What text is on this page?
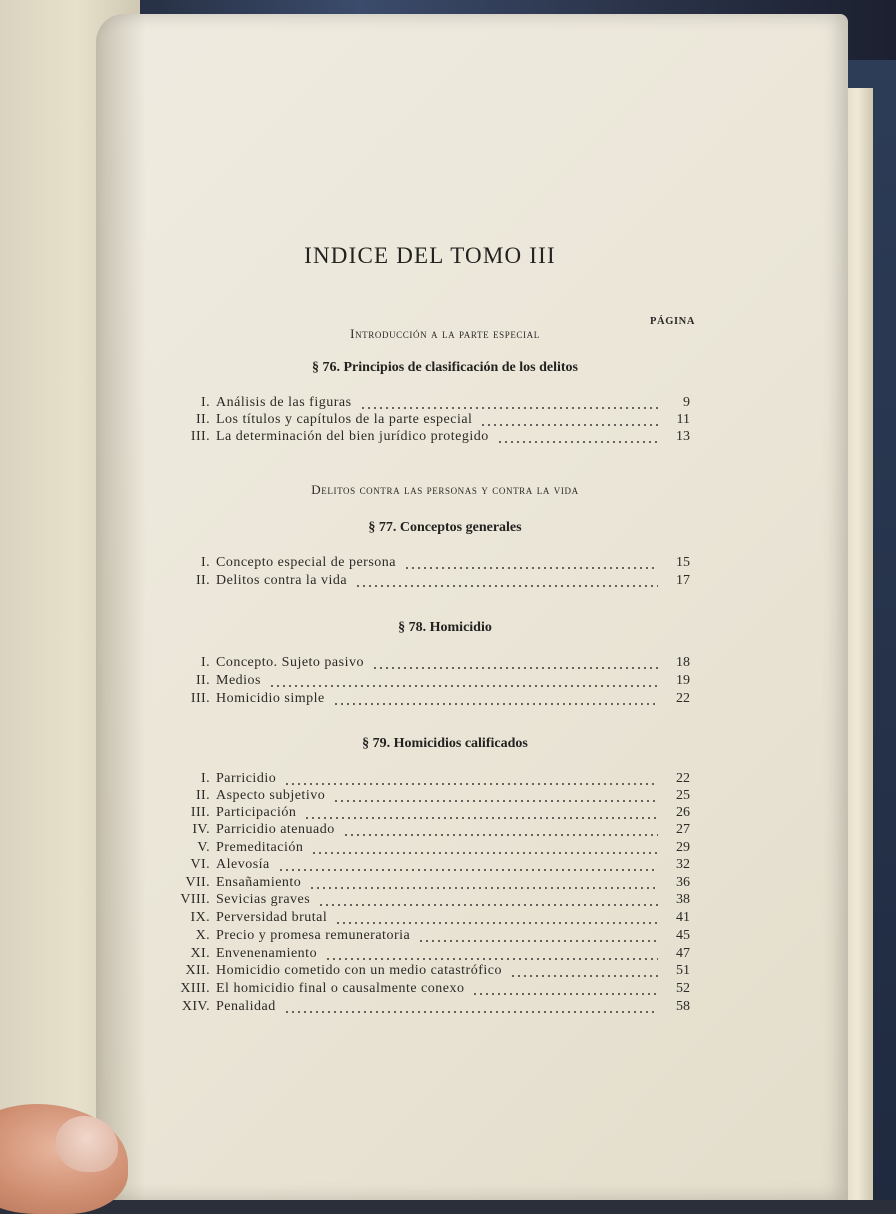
INDICE DEL TOMO III
PÁGINA
Introducción a la parte especial
§ 76. Principios de clasificación de los delitos
I. Análisis de las figuras	9
II. Los títulos y capítulos de la parte especial	11
III. La determinación del bien jurídico protegido	13
Delitos contra las personas y contra la vida
§ 77. Conceptos generales
I. Concepto especial de persona	15
II. Delitos contra la vida	17
§ 78. Homicidio
I. Concepto. Sujeto pasivo	18
II. Medios	19
III. Homicidio simple	22
§ 79. Homicidios calificados
I. Parricidio	22
II. Aspecto subjetivo	25
III. Participación	26
IV. Parricidio atenuado	27
V. Premeditación	29
VI. Alevosía	32
VII. Ensañamiento	36
VIII. Sevicias graves	38
IX. Perversidad brutal	41
X. Precio y promesa remuneratoria	45
XI. Envenenamiento	47
XII. Homicidio cometido con un medio catastrófico	51
XIII. El homicidio final o causalmente conexo	52
XIV. Penalidad	58
